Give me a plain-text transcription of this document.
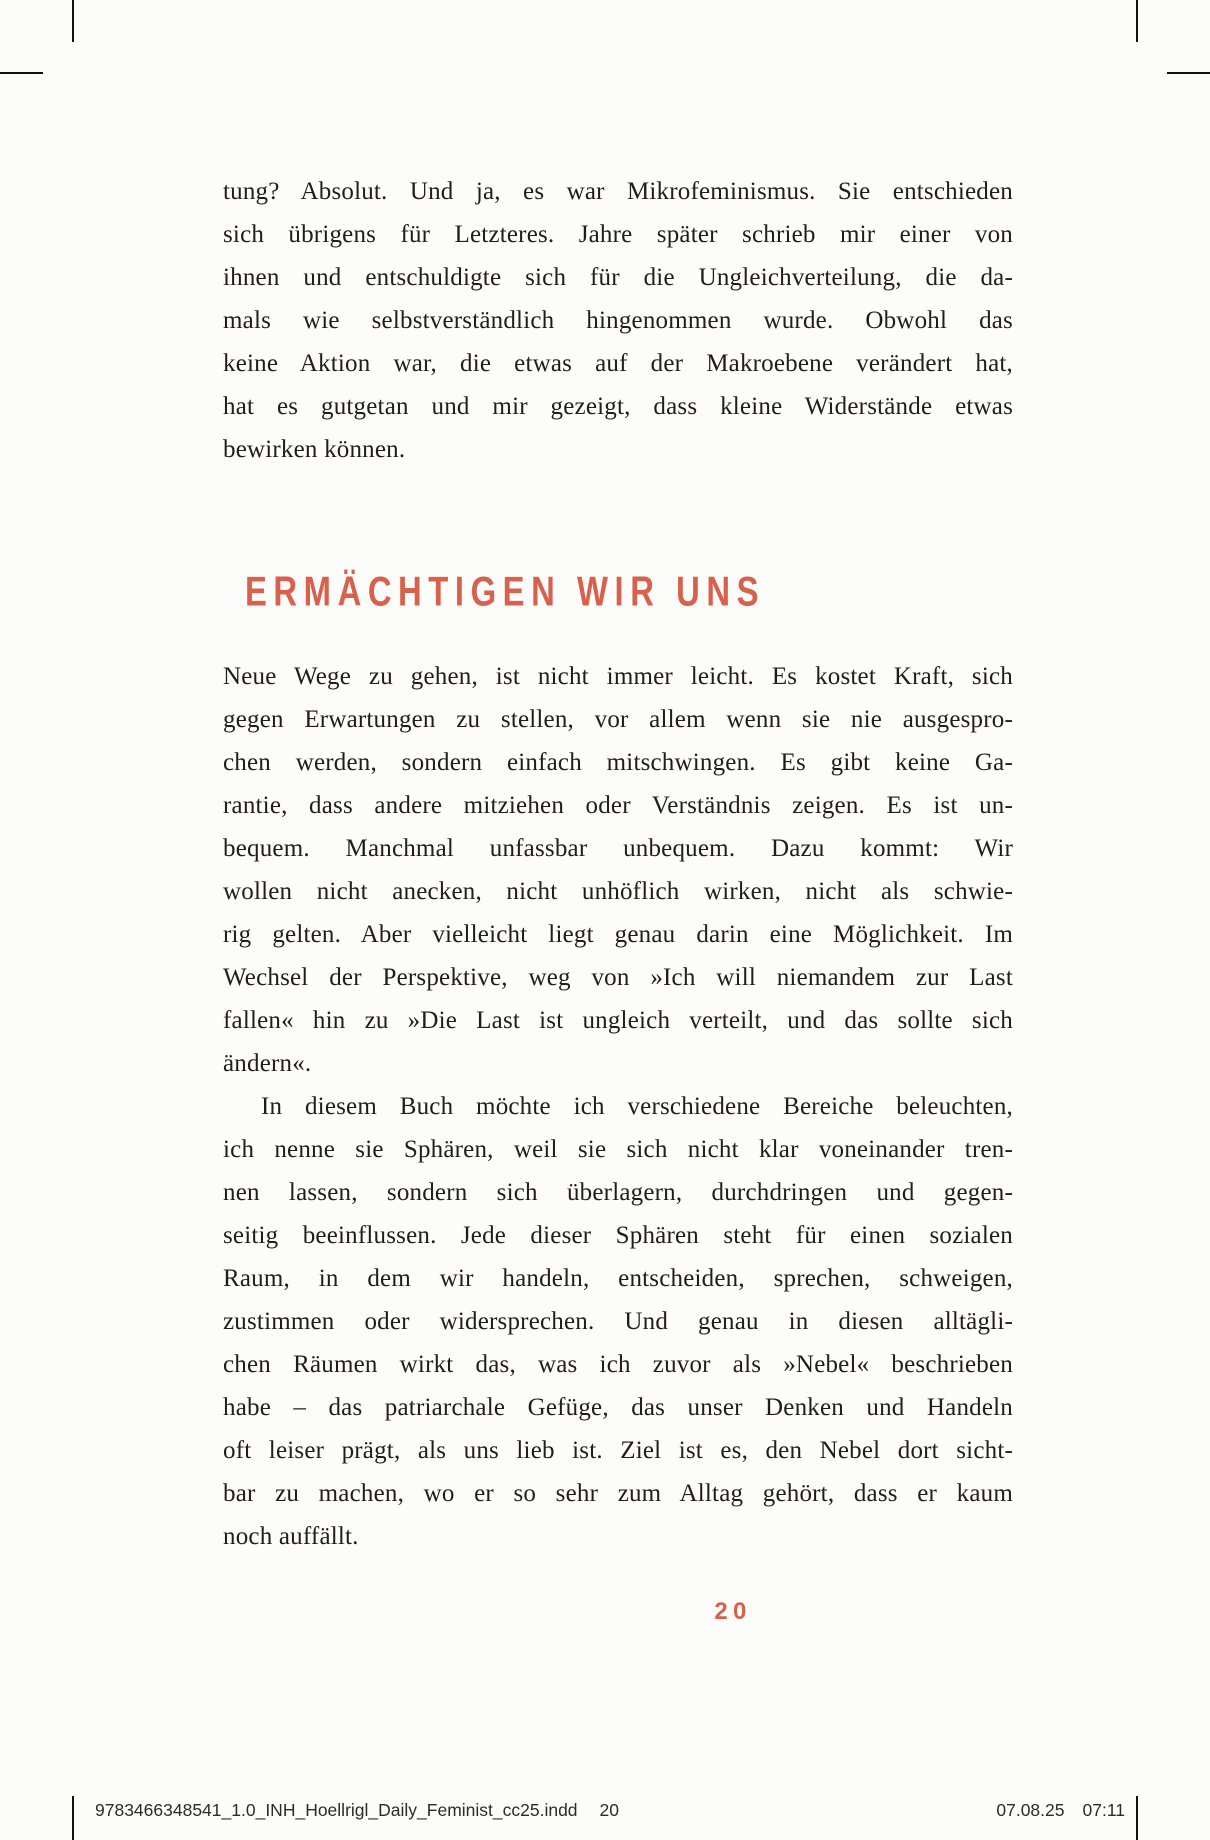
tung? Absolut. Und ja, es war Mikrofeminismus. Sie entschieden
sich übrigens für Letzteres. Jahre später schrieb mir einer von
ihnen und entschuldigte sich für die Ungleichverteilung, die da-
mals wie selbstverständlich hingenommen wurde. Obwohl das
keine Aktion war, die etwas auf der Makroebene verändert hat,
hat es gutgetan und mir gezeigt, dass kleine Widerstände etwas
bewirken können.
ERMÄCHTIGEN WIR UNS
Neue Wege zu gehen, ist nicht immer leicht. Es kostet Kraft, sich
gegen Erwartungen zu stellen, vor allem wenn sie nie ausgespro-
chen werden, sondern einfach mitschwingen. Es gibt keine Ga-
rantie, dass andere mitziehen oder Verständnis zeigen. Es ist un-
bequem. Manchmal unfassbar unbequem. Dazu kommt: Wir
wollen nicht anecken, nicht unhöflich wirken, nicht als schwie-
rig gelten. Aber vielleicht liegt genau darin eine Möglichkeit. Im
Wechsel der Perspektive, weg von »Ich will niemandem zur Last
fallen« hin zu »Die Last ist ungleich verteilt, und das sollte sich
ändern«.
In diesem Buch möchte ich verschiedene Bereiche beleuchten,
ich nenne sie Sphären, weil sie sich nicht klar voneinander tren-
nen lassen, sondern sich überlagern, durchdringen und gegen-
seitig beeinflussen. Jede dieser Sphären steht für einen sozialen
Raum, in dem wir handeln, entscheiden, sprechen, schweigen,
zustimmen oder widersprechen. Und genau in diesen alltägli-
chen Räumen wirkt das, was ich zuvor als »Nebel« beschrieben
habe – das patriarchale Gefüge, das unser Denken und Handeln
oft leiser prägt, als uns lieb ist. Ziel ist es, den Nebel dort sicht-
bar zu machen, wo er so sehr zum Alltag gehört, dass er kaum
noch auffällt.
20
9783466348541_1.0_INH_Hoellrigl_Daily_Feminist_cc25.indd 20	07.08.25 07:11
